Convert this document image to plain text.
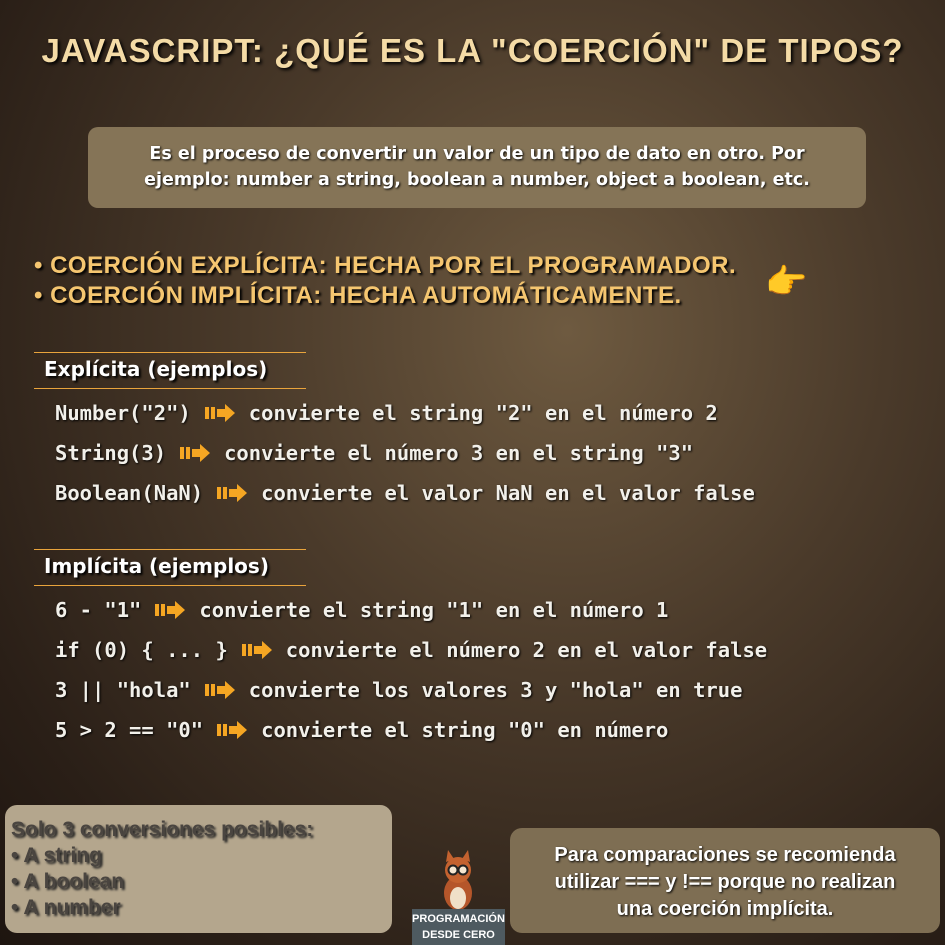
JAVASCRIPT: ¿QUÉ ES LA "COERCIÓN" DE TIPOS?
Es el proceso de convertir un valor de un tipo de dato en otro. Por
ejemplo: number a string, boolean a number, object a boolean, etc.
• COERCIÓN EXPLÍCITA: HECHA POR EL PROGRAMADOR.
• COERCIÓN IMPLÍCITA: HECHA AUTOMÁTICAMENTE. 👉
Explícita (ejemplos)
Number("2")	convierte el string "2" en el número 2
String(3)	convierte el número 3 en el string "3"
Boolean(NaN)	convierte el valor NaN en el valor false
Implícita (ejemplos)
6 - "1"	convierte el string "1" en el número 1
if (0) { ... }	convierte el número 2 en el valor false
3 || "hola"	convierte los valores 3 y "hola" en true
5 > 2 == "0"	convierte el string "0" en número
Solo 3 conversiones posibles:
• A string
• A boolean
• A number	PROGRAMACIÓN
DESDE CERO
Para comparaciones se recomienda
utilizar === y !== porque no realizan
una coerción implícita.
